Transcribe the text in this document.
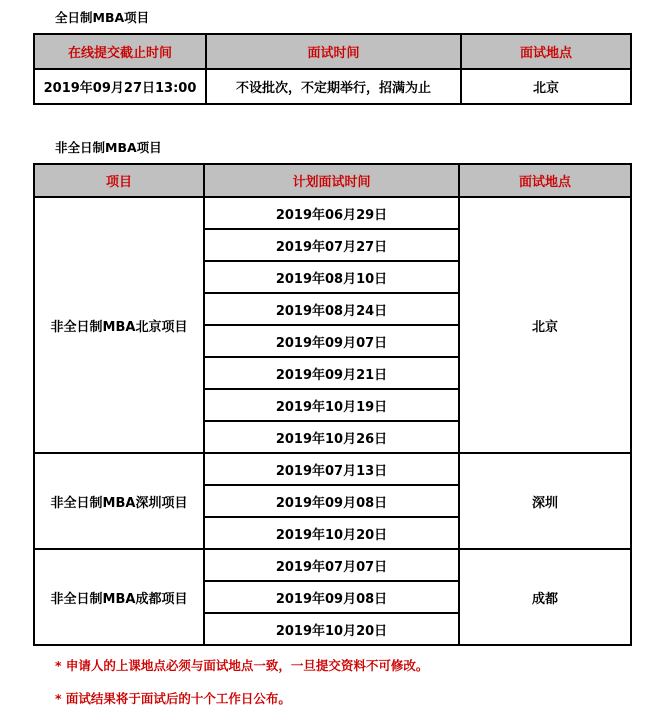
全日制MBA项目

在线提交截止时间	面试时间	面试地点
2019年09月27日13:00	不设批次，不定期举行，招满为止	北京

非全日制MBA项目

项目	计划面试时间	面试地点
非全日制MBA北京项目	2019年06月29日	北京
	2019年07月27日	
	2019年08月10日	
	2019年08月24日	
	2019年09月07日	
	2019年09月21日	
	2019年10月19日	
	2019年10月26日	
非全日制MBA深圳项目	2019年07月13日	深圳
	2019年09月08日	
	2019年10月20日	
非全日制MBA成都项目	2019年07月07日	成都
	2019年09月08日	
	2019年10月20日	

* 申请人的上课地点必须与面试地点一致，一旦提交资料不可修改。

* 面试结果将于面试后的十个工作日公布。
